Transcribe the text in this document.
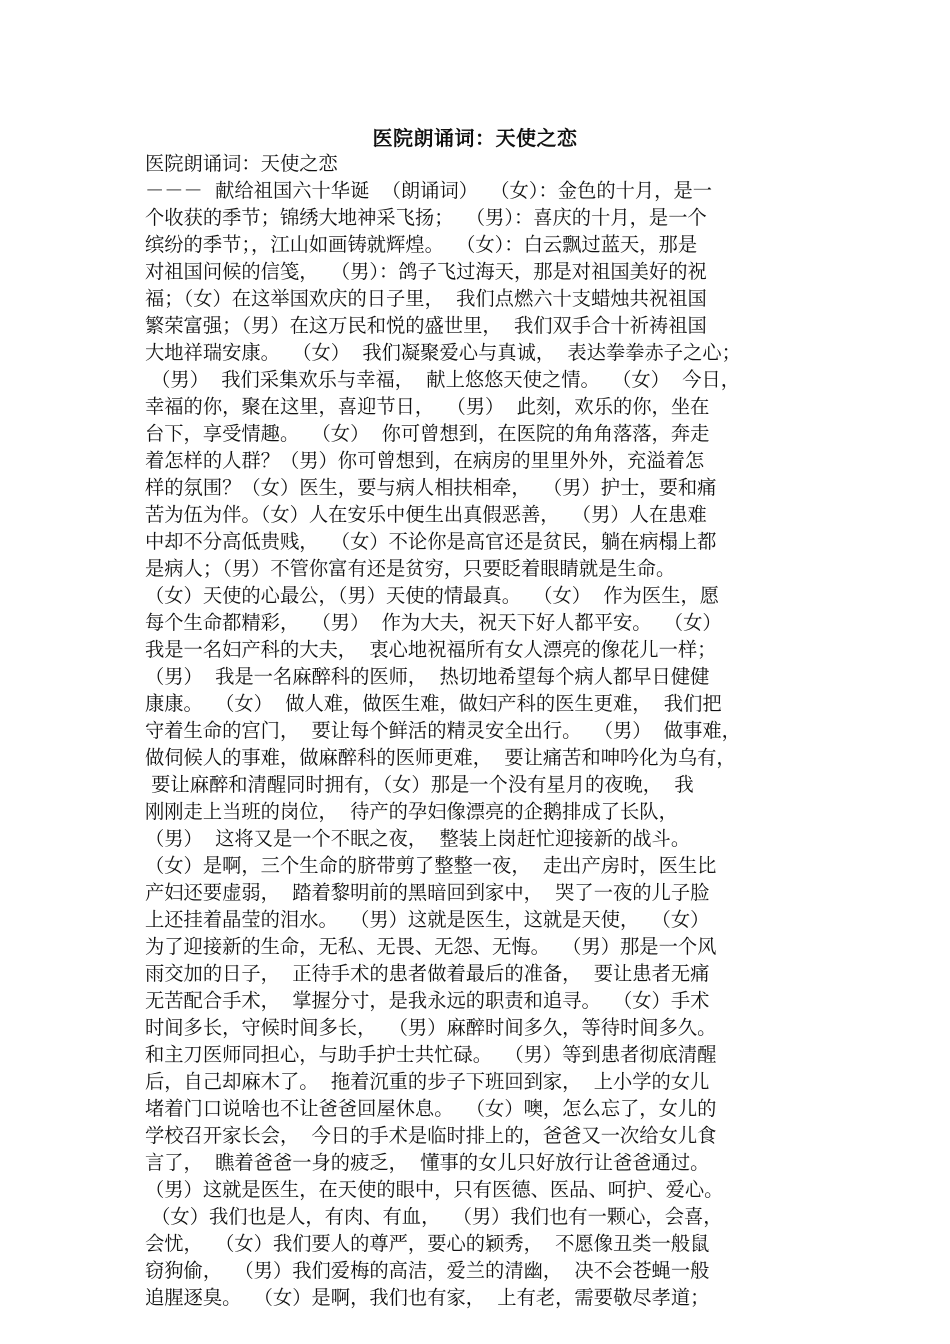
医院朗诵词：天使之恋
医院朗诵词：天使之恋
－－－  献给祖国六十华诞  （朗诵词）  （女）：金色的十月，是一
个收获的季节；锦绣大地神采飞扬；  （男）：喜庆的十月，是一个
缤纷的季节；，江山如画铸就辉煌。  （女）：白云飘过蓝天，那是
对祖国问候的信笺，  （男）：鸽子飞过海天，那是对祖国美好的祝
福；（女）在这举国欢庆的日子里，  我们点燃六十支蜡烛共祝祖国
繁荣富强；（男）在这万民和悦的盛世里，  我们双手合十祈祷祖国
大地祥瑞安康。  （女）  我们凝聚爱心与真诚，  表达拳拳赤子之心；
（男）  我们采集欢乐与幸福，  献上悠悠天使之情。  （女）  今日，
幸福的你，聚在这里，喜迎节日，  （男）  此刻，欢乐的你，坐在
台下，享受情趣。  （女）  你可曾想到，在医院的角角落落，奔走
着怎样的人群？（男）你可曾想到，在病房的里里外外，充溢着怎
样的氛围？（女）医生，要与病人相扶相牵，  （男）护士，要和痛
苦为伍为伴。（女）人在安乐中便生出真假恶善，  （男）人在患难
中却不分高低贵贱，  （女）不论你是高官还是贫民，躺在病榻上都
是病人；（男）不管你富有还是贫穷，只要眨着眼睛就是生命。
（女）天使的心最公，（男）天使的情最真。  （女）  作为医生，愿
每个生命都精彩，  （男）  作为大夫，祝天下好人都平安。  （女）
我是一名妇产科的大夫，  衷心地祝福所有女人漂亮的像花儿一样；
（男）  我是一名麻醉科的医师，  热切地希望每个病人都早日健健
康康。  （女）  做人难，做医生难，做妇产科的医生更难，  我们把
守着生命的宫门，  要让每个鲜活的精灵安全出行。  （男）  做事难，
做伺候人的事难，做麻醉科的医师更难，  要让痛苦和呻吟化为乌有，
要让麻醉和清醒同时拥有，（女）那是一个没有星月的夜晚，  我
刚刚走上当班的岗位，  待产的孕妇像漂亮的企鹅排成了长队，
（男）  这将又是一个不眠之夜，  整装上岗赶忙迎接新的战斗。
（女）是啊，三个生命的脐带剪了整整一夜，  走出产房时，医生比
产妇还要虚弱，  踏着黎明前的黑暗回到家中，  哭了一夜的儿子脸
上还挂着晶莹的泪水。  （男）这就是医生，这就是天使，  （女）
为了迎接新的生命，无私、无畏、无怨、无悔。  （男）那是一个风
雨交加的日子，  正待手术的患者做着最后的准备，  要让患者无痛
无苦配合手术，  掌握分寸，是我永远的职责和追寻。  （女）手术
时间多长，守候时间多长，  （男）麻醉时间多久，等待时间多久。
和主刀医师同担心，与助手护士共忙碌。  （男）等到患者彻底清醒
后，自己却麻木了。  拖着沉重的步子下班回到家，  上小学的女儿
堵着门口说啥也不让爸爸回屋休息。  （女）噢，怎么忘了，女儿的
学校召开家长会，  今日的手术是临时排上的，爸爸又一次给女儿食
言了，  瞧着爸爸一身的疲乏，  懂事的女儿只好放行让爸爸通过。
（男）这就是医生，在天使的眼中，只有医德、医品、呵护、爱心。
（女）我们也是人，有肉、有血，  （男）我们也有一颗心，会喜，
会忧，  （女）我们要人的尊严，要心的颖秀，  不愿像丑类一般鼠
窃狗偷，  （男）我们爱梅的高洁，爱兰的清幽，  决不会苍蝇一般
追腥逐臭。  （女）是啊，我们也有家，  上有老，需要敬尽孝道；
